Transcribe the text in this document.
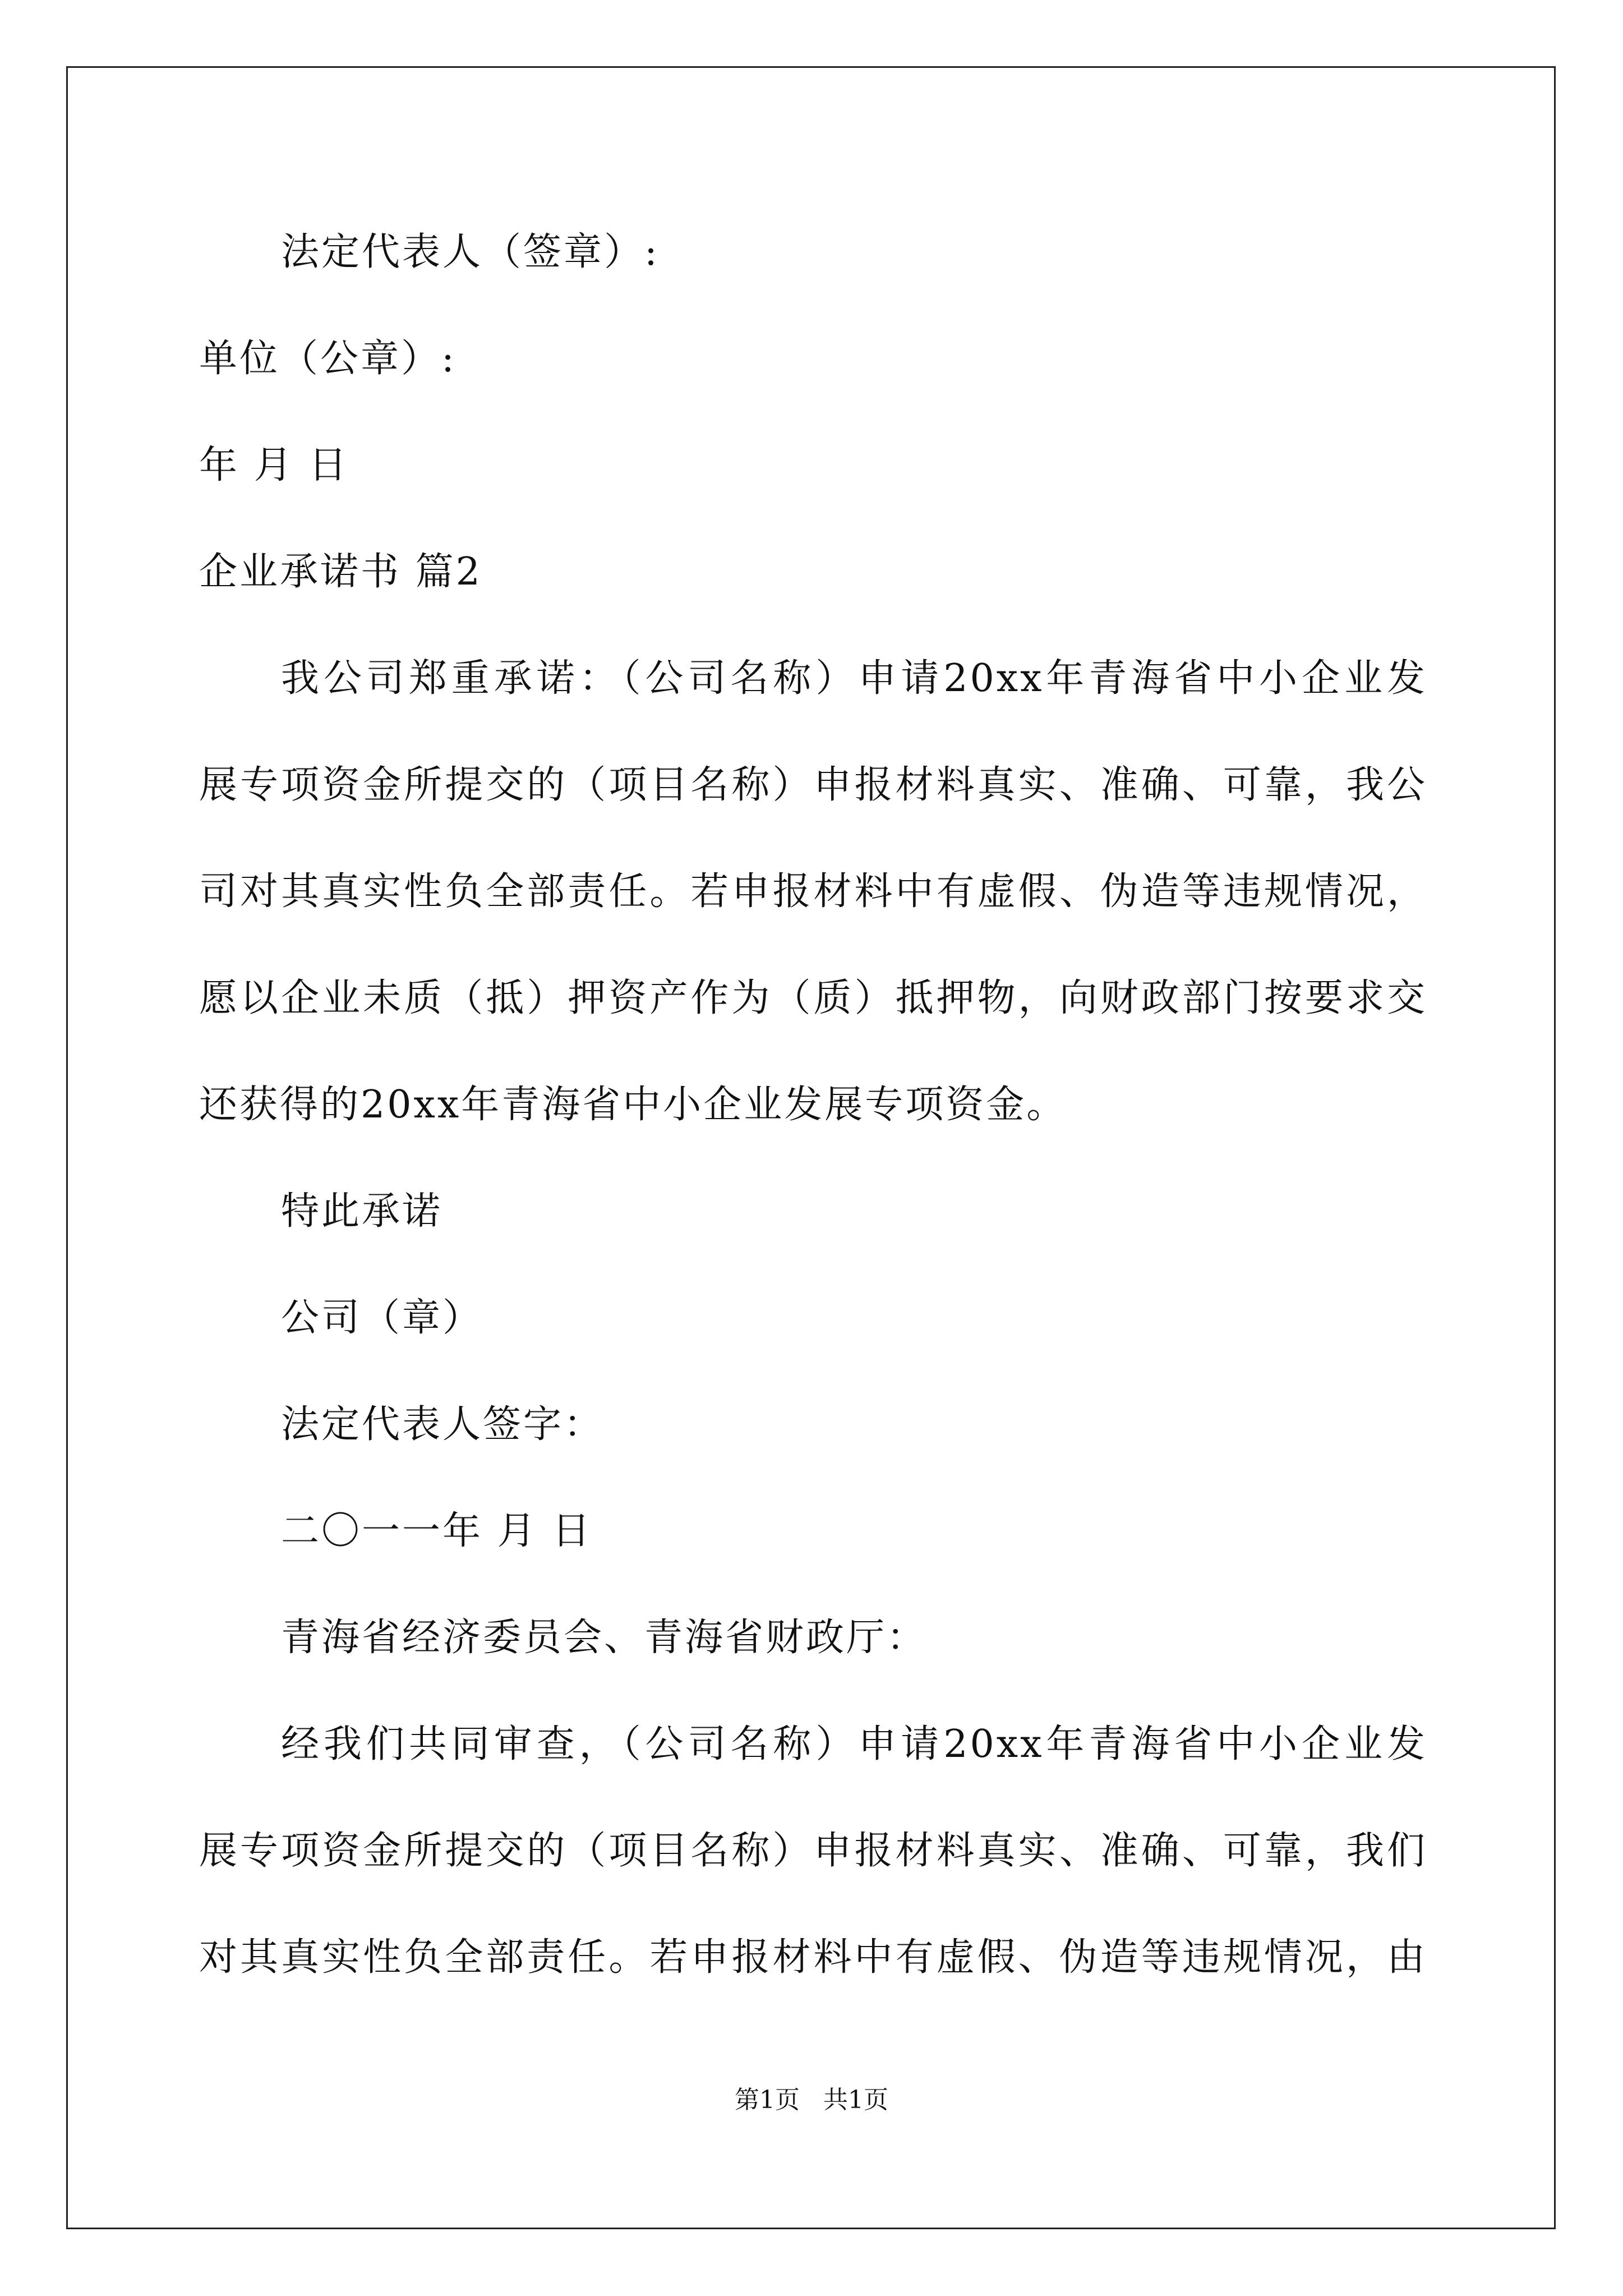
法定代表人（签章）:
单位（公章）:
年 月 日
企业承诺书 篇2
我公司郑重承诺：（公司名称）申请20xx年青海省中小企业发
展专项资金所提交的（项目名称）申报材料真实、准确、可靠，我公
司对其真实性负全部责任。若申报材料中有虚假、伪造等违规情况，
愿以企业未质（抵）押资产作为（质）抵押物，向财政部门按要求交
还获得的20xx年青海省中小企业发展专项资金。
特此承诺
公司（章）
法定代表人签字：
二〇一一年 月 日
青海省经济委员会、青海省财政厅：
经我们共同审查，（公司名称）申请20xx年青海省中小企业发
展专项资金所提交的（项目名称）申报材料真实、准确、可靠，我们
对其真实性负全部责任。若申报材料中有虚假、伪造等违规情况，由
第1页   共1页
